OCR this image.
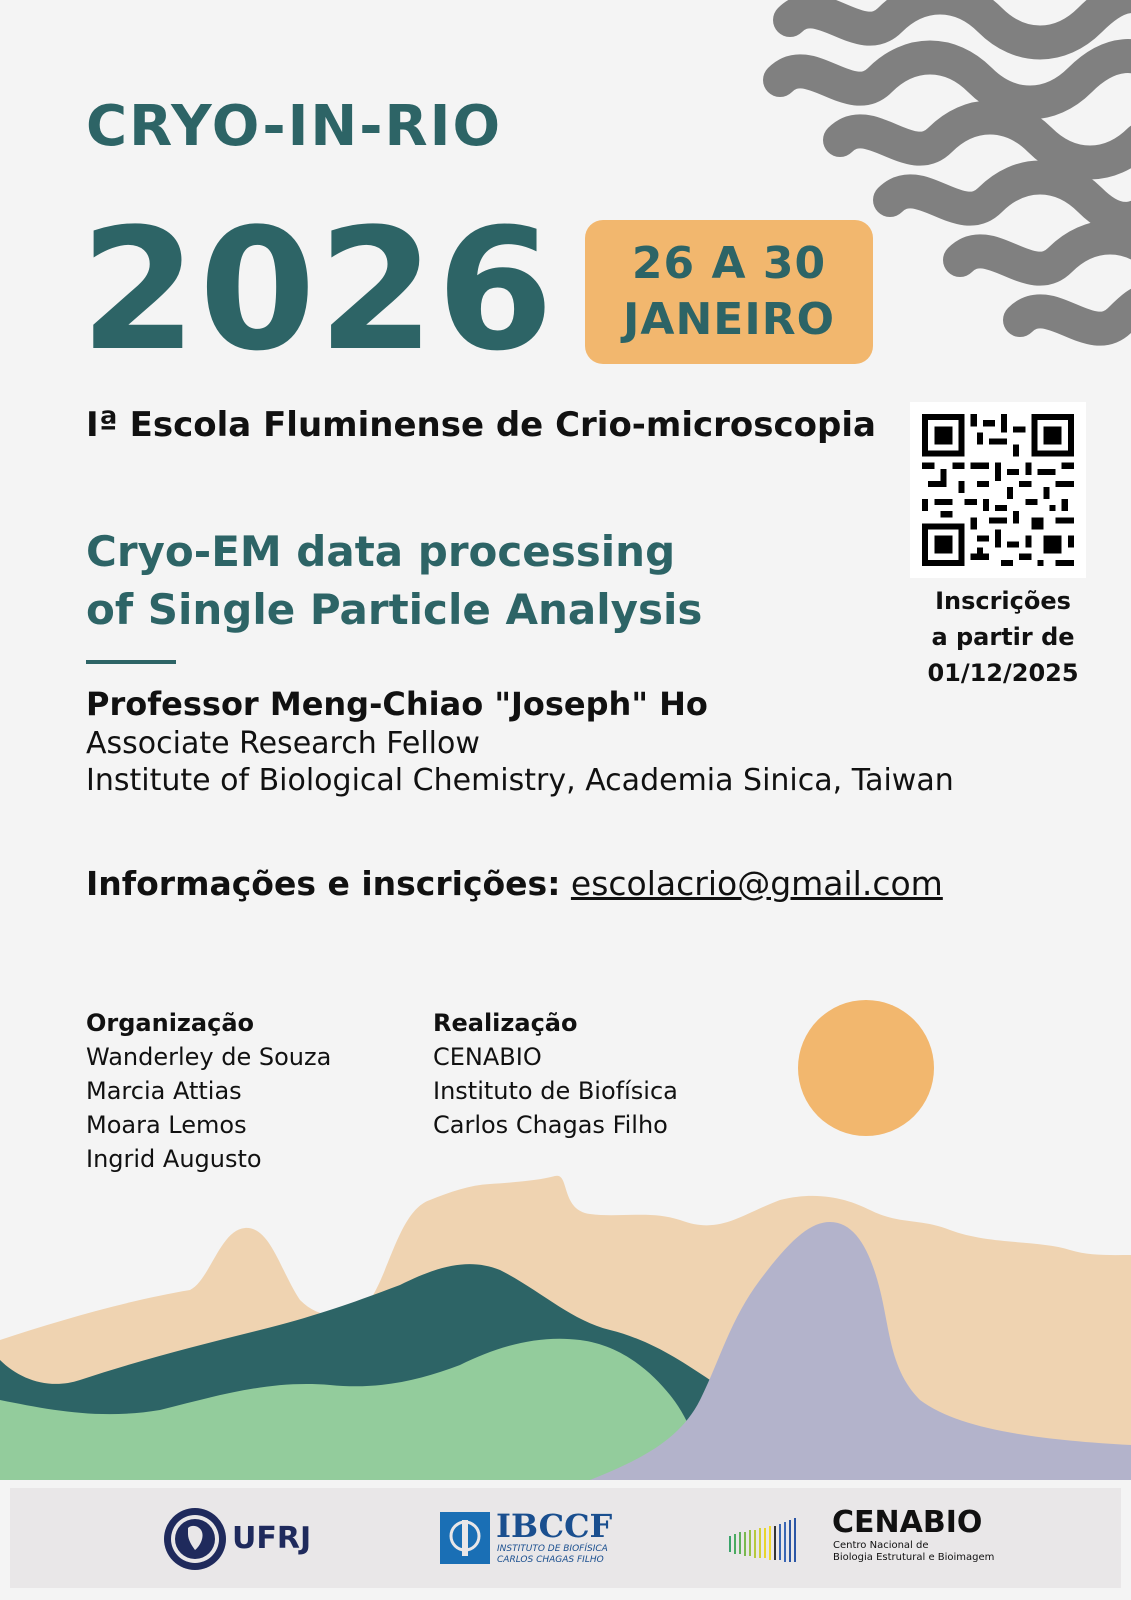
CRYO-IN-RIO
2026 26 A 30
JANEIRO
Iª Escola Fluminense de Crio-microscopia
Cryo-EM data processing
of Single Particle Analysis
Professor Meng-Chiao "Joseph" Ho
Associate Research Fellow
Institute of Biological Chemistry, Academia Sinica, Taiwan
Informações e inscrições: escolacrio@gmail.com
Inscrições
a partir de
01/12/2025
Organização
Wanderley de Souza
Marcia Attias
Moara Lemos
Ingrid Augusto
Realização
CENABIO
Instituto de Biofísica
Carlos Chagas Filho
UFRJ	IBCCF
INSTITUTO DE BIOFÍSICA
CARLOS CHAGAS FILHO
CENABIO
Centro Nacional de
Biologia Estrutural e Bioimagem
